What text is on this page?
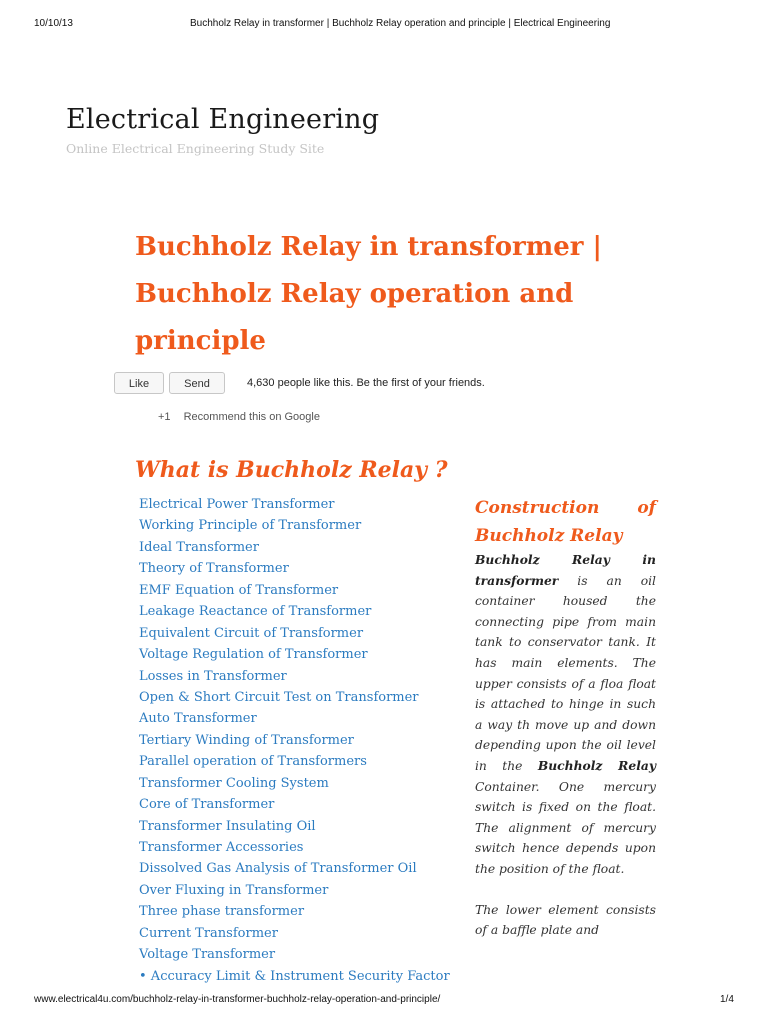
10/10/13	Buchholz Relay in transformer | Buchholz Relay operation and principle | Electrical Engineering
Electrical Engineering
Online Electrical Engineering Study Site
Buchholz Relay in transformer | Buchholz Relay operation and principle
Like	Send	4,630 people like this. Be the first of your friends.
+1 Recommend this on Google
What is Buchholz Relay ?
Electrical Power Transformer
Working Principle of Transformer
Ideal Transformer
Theory of Transformer
EMF Equation of Transformer
Leakage Reactance of Transformer
Equivalent Circuit of Transformer
Voltage Regulation of Transformer
Losses in Transformer
Open & Short Circuit Test on Transformer
Auto Transformer
Tertiary Winding of Transformer
Parallel operation of Transformers
Transformer Cooling System
Core of Transformer
Transformer Insulating Oil
Transformer Accessories
Dissolved Gas Analysis of Transformer Oil
Over Fluxing in Transformer
Three phase transformer
Current Transformer
Voltage Transformer
• Accuracy Limit & Instrument Security Factor
Construction of
Buchholz Relay

Buchholz Relay in transformer is an oil container housed the connecting pipe from main tank to conservator tank. It has main elements. The upper consists of a floa float is attached to hinge in such a way th move up and down depending upon the oil level in the Buchholz Relay Container. One mercury switch is fixed on the float. The alignment of mercury switch hence depends upon the position of the float.

The lower element consists of a baffle plate and

www.electrical4u.com/buchholz-relay-in-transformer-buchholz-relay-operation-and-principle/	1/4
